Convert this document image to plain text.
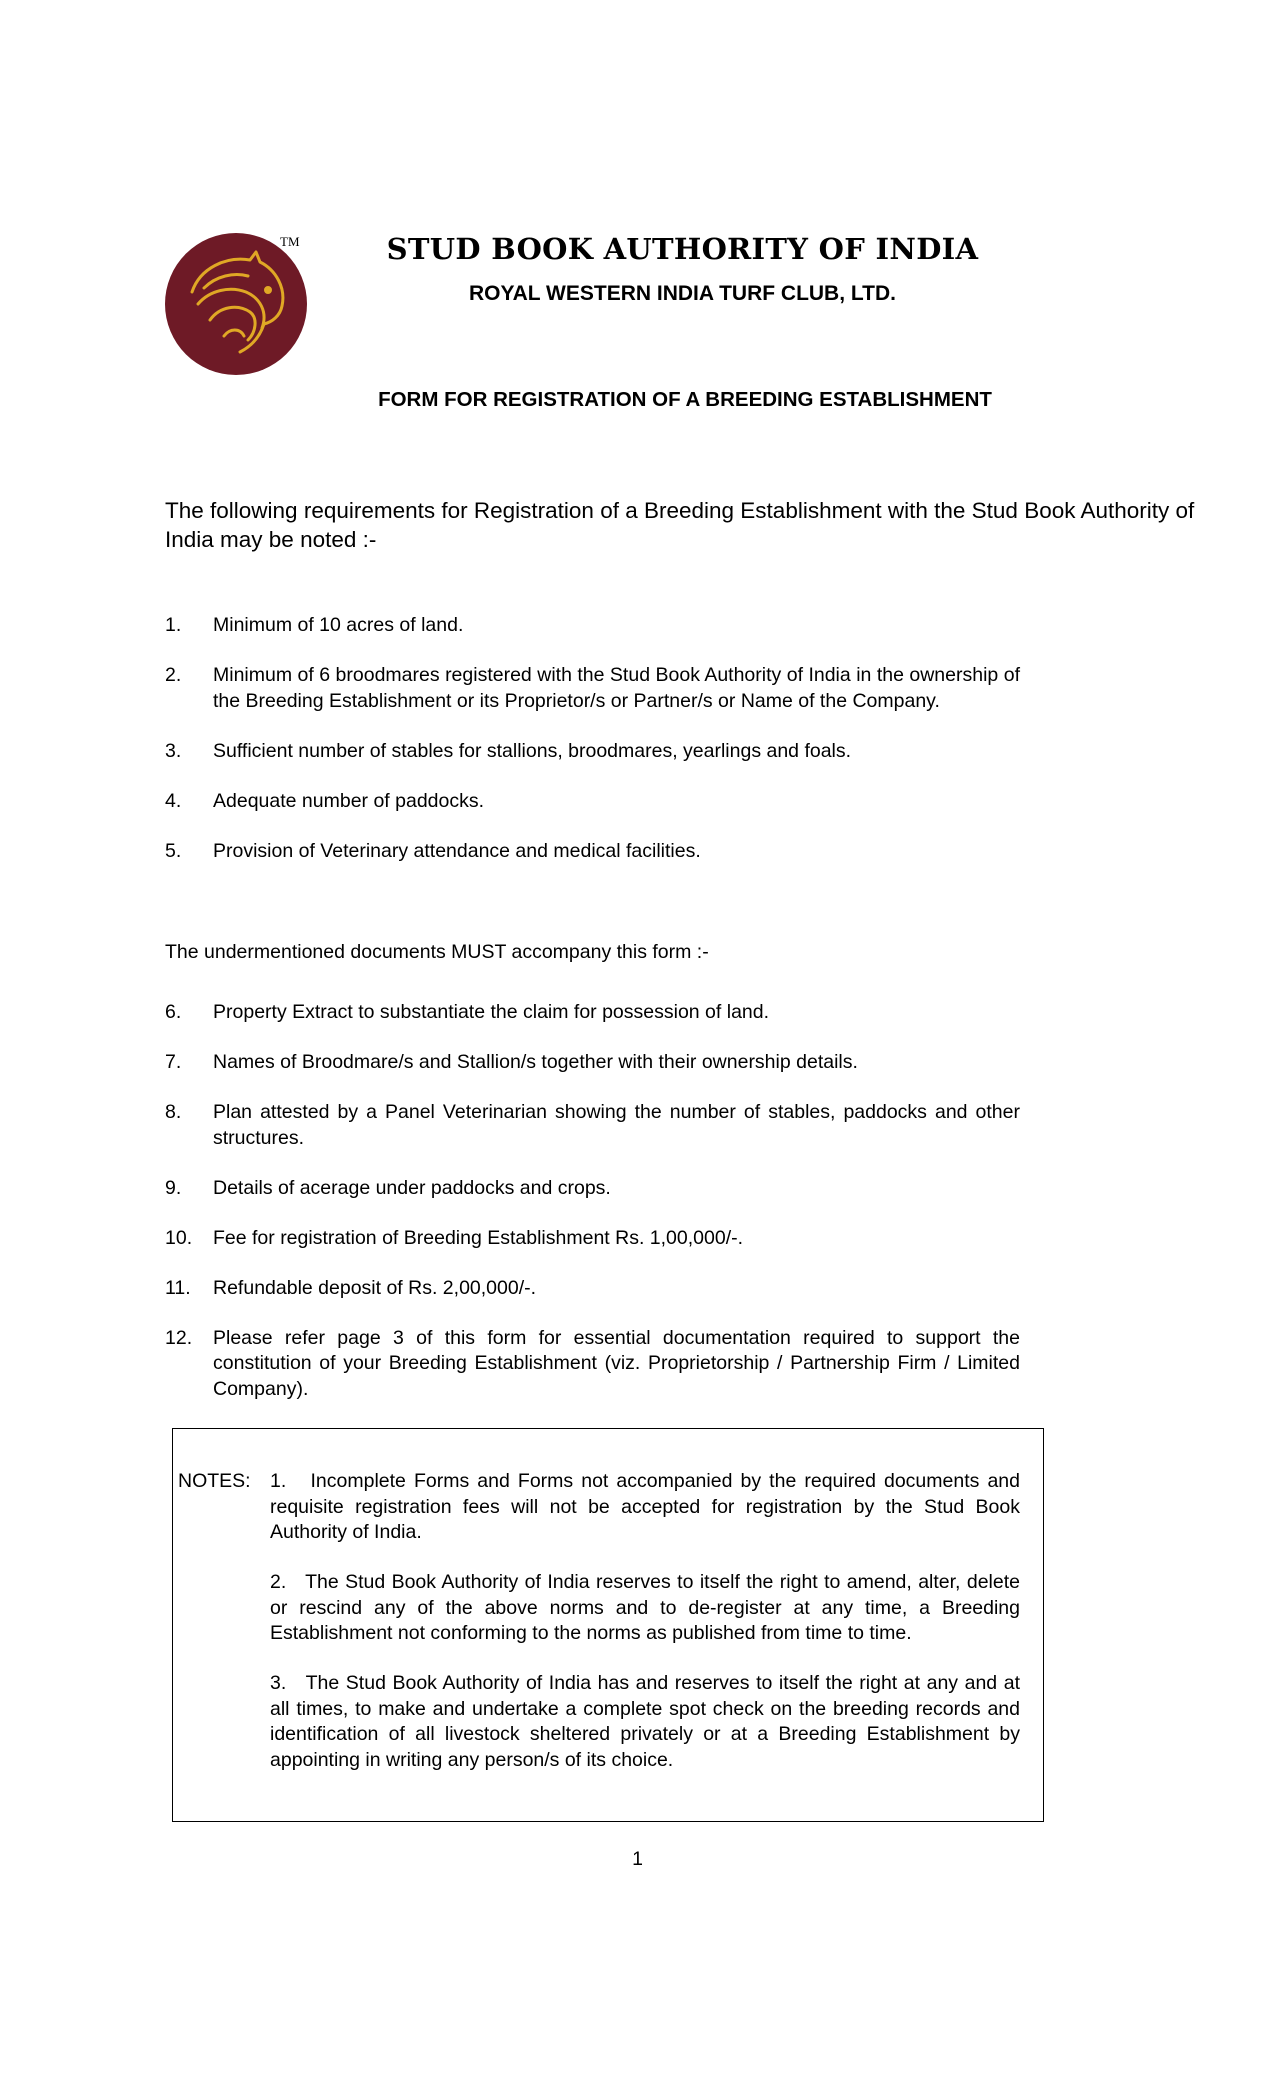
TM	STUD BOOK AUTHORITY OF INDIA
ROYAL WESTERN INDIA TURF CLUB, LTD.
FORM FOR REGISTRATION OF A BREEDING ESTABLISHMENT
The following requirements for Registration of a Breeding Establishment with the Stud Book Authority of India may be noted :-
1. Minimum of 10 acres of land.
2. Minimum of 6 broodmares registered with the Stud Book Authority of India in the ownership of the Breeding Establishment or its Proprietor/s or Partner/s or Name of the Company.
3. Sufficient number of stables for stallions, broodmares, yearlings and foals.
4. Adequate number of paddocks.
5. Provision of Veterinary attendance and medical facilities.
The undermentioned documents MUST accompany this form :-
6. Property Extract to substantiate the claim for possession of land.
7. Names of Broodmare/s and Stallion/s together with their ownership details.
8. Plan attested by a Panel Veterinarian showing the number of stables, paddocks and other structures.
9. Details of acerage under paddocks and crops.
10. Fee for registration of Breeding Establishment Rs. 1,00,000/-.
11. Refundable deposit of Rs. 2,00,000/-.
12. Please refer page 3 of this form for essential documentation required to support the constitution of your Breeding Establishment (viz. Proprietorship / Partnership Firm / Limited Company).
NOTES: 1.   Incomplete Forms and Forms not accompanied by the required documents and requisite registration fees will not be accepted for registration by the Stud Book Authority of India.
2.   The Stud Book Authority of India reserves to itself the right to amend, alter, delete or rescind any of the above norms and to de-register at any time, a Breeding Establishment not conforming to the norms as published from time to time.
3.   The Stud Book Authority of India has and reserves to itself the right at any and at all times, to make and undertake a complete spot check on the breeding records and identification of all livestock sheltered privately or at a Breeding Establishment by appointing in writing any person/s of its choice.
1
